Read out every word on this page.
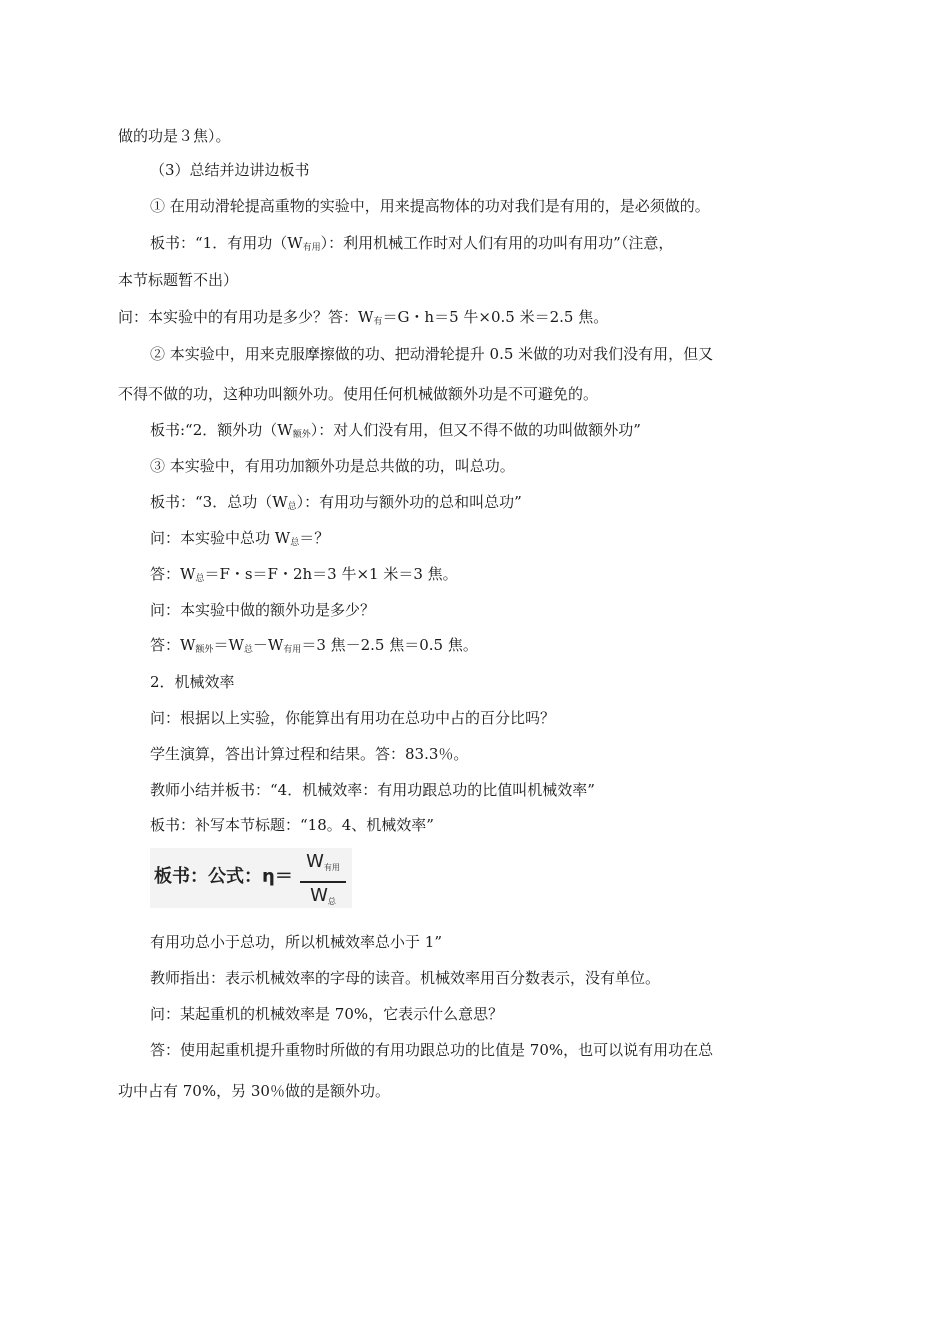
做的功是３焦）。
（3）总结并边讲边板书
① 在用动滑轮提高重物的实验中，用来提高物体的功对我们是有用的，是必须做的。
板书：“1．有用功$(W_{有用})$：利用机械工作时对人们有用的功叫有用功”（注意，
本节标题暂不出）
问：本实验中的有用功是多少？答：$W_有=G$・h＝5 牛×0.5 米＝2.5 焦。
② 本实验中，用来克服摩擦做的功、把动滑轮提升 0.5 米做的功对我们没有用，但又
不得不做的功，这种功叫额外功。使用任何机械做额外功是不可避免的。
板书:“2．额外功$(W_{额外})$：对人们没有用，但又不得不做的功叫做额外功”
③ 本实验中，有用功加额外功是总共做的功，叫总功。
板书：“3．总功$(W_总)$：有用功与额外功的总和叫总功”
问：本实验中总功 $W_总=$？
答：$W_总=F$・s＝F・2h＝3 牛×1 米＝3 焦。
问：本实验中做的额外功是多少？
答：$W_{额外}=W_总-W_{有用}=3$ 焦－2.5 焦＝0.5 焦。
2．机械效率
问：根据以上实验，你能算出有用功在总功中占的百分比吗？
学生演算，答出计算过程和结果。答：83.3％。
教师小结并板书：“4．机械效率：有用功跟总功的比值叫机械效率”
板书：补写本节标题：“18。4、机械效率”
板书：公式：η＝
W有用
W总
有用功总小于总功，所以机械效率总小于 1”
教师指出：表示机械效率的字母的读音。机械效率用百分数表示，没有单位。
问：某起重机的机械效率是 70%，它表示什么意思？
答：使用起重机提升重物时所做的有用功跟总功的比值是 70%，也可以说有用功在总
功中占有 70%，另 30％做的是额外功。
